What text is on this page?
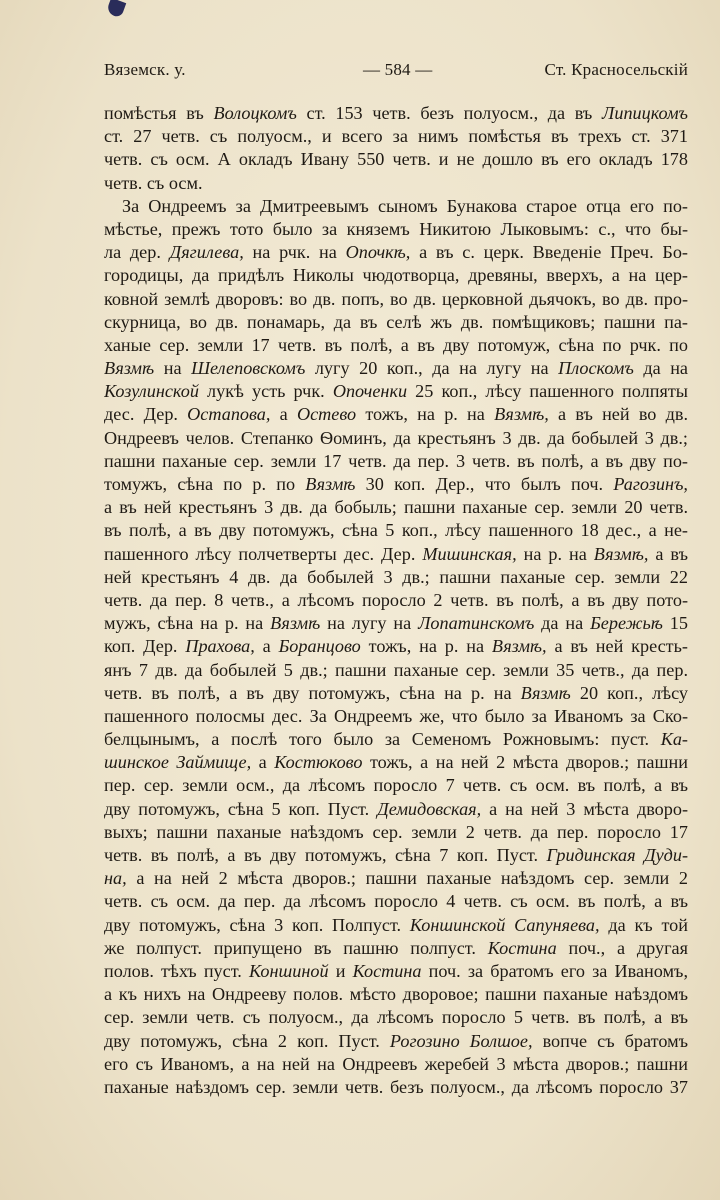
Вяземск. у.	— 584 —	Ст. Красносельскій
помѣстья въ Волоцкомъ ст. 153 четв. безъ полуосм., да въ Липицкомъ
ст. 27 четв. съ полуосм., и всего за нимъ помѣстья въ трехъ ст. 371
четв. съ осм. А окладъ Ивану 550 четв. и не дошло въ его окладъ 178
четв. съ осм.
За Ондреемъ за Дмитреевымъ сыномъ Бунакова старое отца его по-
мѣстье, прежъ тото было за княземъ Никитою Лыковымъ: с., что бы-
ла дер. Дягилева, на рчк. на Опочкѣ, а въ с. церк. Введеніе Преч. Бо-
городицы, да придѣлъ Николы чюдотворца, древяны, вверхъ, а на цер-
ковной землѣ дворовъ: во дв. попъ, во дв. церковной дьячокъ, во дв. про-
скурница, во дв. понамарь, да въ селѣ жъ дв. помѣщиковъ; пашни па-
ханые сер. земли 17 четв. въ полѣ, а въ дву потомуж, сѣна по рчк. по
Вязмѣ на Шелеповскомъ лугу 20 коп., да на лугу на Плоскомъ да на
Козулинской лукѣ усть рчк. Опоченки 25 коп., лѣсу пашенного полпяты
дес. Дер. Остапова, а Остево тожъ, на р. на Вязмѣ, а въ ней во дв.
Ондреевъ челов. Степанко Ѳоминъ, да крестьянъ 3 дв. да бобылей 3 дв.;
пашни паханые сер. земли 17 четв. да пер. 3 четв. въ полѣ, а въ дву по-
томужъ, сѣна по р. по Вязмѣ 30 коп. Дер., что былъ поч. Рагозинъ,
а въ ней крестьянъ 3 дв. да бобыль; пашни паханые сер. земли 20 четв.
въ полѣ, а въ дву потомужъ, сѣна 5 коп., лѣсу пашенного 18 дес., а не-
пашенного лѣсу полчетверты дес. Дер. Мишинская, на р. на Вязмѣ, а въ
ней крестьянъ 4 дв. да бобылей 3 дв.; пашни паханые сер. земли 22
четв. да пер. 8 четв., а лѣсомъ поросло 2 четв. въ полѣ, а въ дву пото-
мужъ, сѣна на р. на Вязмѣ на лугу на Лопатинскомъ да на Бережьѣ 15
коп. Дер. Прахова, а Боранцово тожъ, на р. на Вязмѣ, а въ ней кресть-
янъ 7 дв. да бобылей 5 дв.; пашни паханые сер. земли 35 четв., да пер.
четв. въ полѣ, а въ дву потомужъ, сѣна на р. на Вязмѣ 20 коп., лѣсу
пашенного полосмы дес. За Ондреемъ же, что было за Иваномъ за Ско-
белцынымъ, а послѣ того было за Семеномъ Рожновымъ: пуст. Ка-
шинское Займище, а Костюково тожъ, а на ней 2 мѣста дворов.; пашни
пер. сер. земли осм., да лѣсомъ поросло 7 четв. съ осм. въ полѣ, а въ
дву потомужъ, сѣна 5 коп. Пуст. Демидовская, а на ней 3 мѣста дворо-
выхъ; пашни паханые наѣздомъ сер. земли 2 четв. да пер. поросло 17
четв. въ полѣ, а въ дву потомужъ, сѣна 7 коп. Пуст. Гридинская Дуди-
на, а на ней 2 мѣста дворов.; пашни паханые наѣздомъ сер. земли 2
четв. съ осм. да пер. да лѣсомъ поросло 4 четв. съ осм. въ полѣ, а въ
дву потомужъ, сѣна 3 коп. Полпуст. Коншинской Сапуняева, да къ той
же полпуст. припущено въ пашню полпуст. Костина поч., а другая
полов. тѣхъ пуст. Коншиной и Костина поч. за братомъ его за Иваномъ,
а къ нихъ на Ондрееву полов. мѣсто дворовое; пашни паханые наѣздомъ
сер. земли четв. съ полуосм., да лѣсомъ поросло 5 четв. въ полѣ, а въ
дву потомужъ, сѣна 2 коп. Пуст. Рогозино Болшое, вопче съ братомъ
его съ Иваномъ, а на ней на Ондреевъ жеребей 3 мѣста дворов.; пашни
паханые наѣздомъ сер. земли четв. безъ полуосм., да лѣсомъ поросло 37
